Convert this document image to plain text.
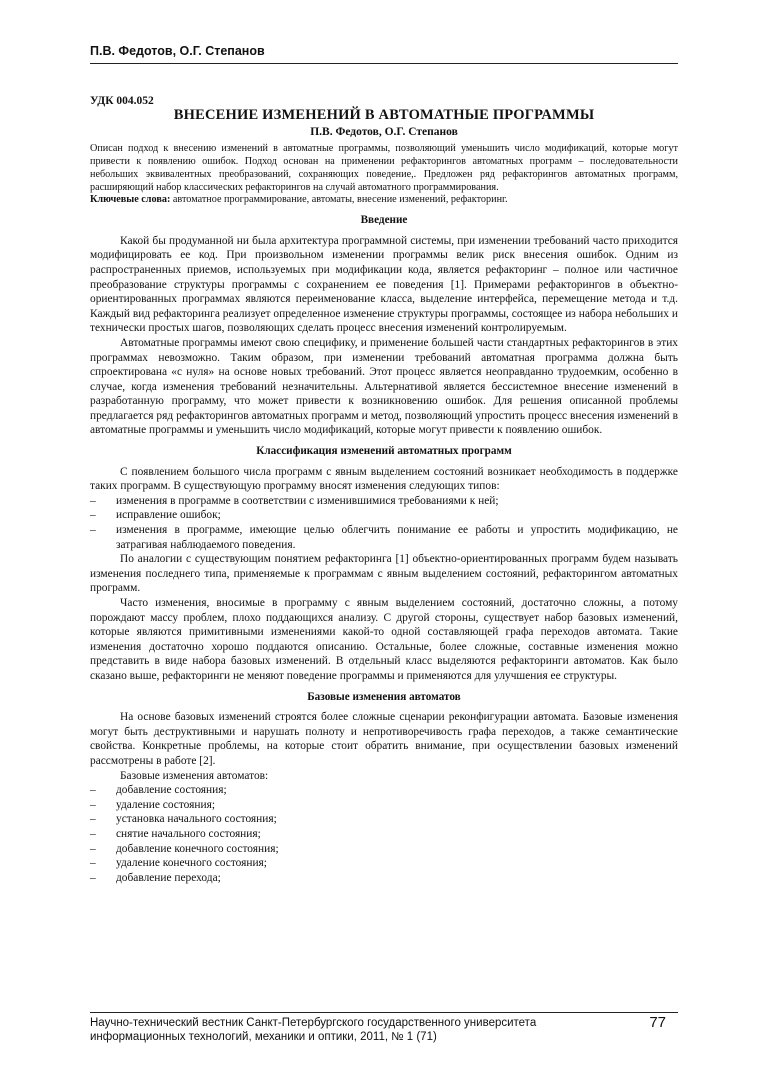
П.В. Федотов, О.Г. Степанов
УДК 004.052
ВНЕСЕНИЕ ИЗМЕНЕНИЙ В АВТОМАТНЫЕ ПРОГРАММЫ
П.В. Федотов, О.Г. Степанов
Описан подход к внесению изменений в автоматные программы, позволяющий уменьшить число модификаций, которые могут привести к появлению ошибок. Подход основан на применении рефакторингов автоматных программ – последовательности небольших эквивалентных преобразований, сохраняющих поведение,. Предложен ряд рефакторингов автоматных программ, расширяющий набор классических рефакторингов на случай автоматного программирования.
Ключевые слова: автоматное программирование, автоматы, внесение изменений, рефакторинг.
Введение

Какой бы продуманной ни была архитектура программной системы, при изменении требований часто приходится модифицировать ее код. При произвольном изменении программы велик риск внесения ошибок. Одним из распространенных приемов, используемых при модификации кода, является рефакторинг – полное или частичное преобразование структуры программы с сохранением ее поведения [1]. Примерами рефакторингов в объектно-ориентированных программах являются переименование класса, выделение интерфейса, перемещение метода и т.д. Каждый вид рефакторинга реализует определенное изменение структуры программы, состоящее из набора небольших и технически простых шагов, позволяющих сделать процесс внесения изменений контролируемым.

Автоматные программы имеют свою специфику, и применение большей части стандартных рефакторингов в этих программах невозможно. Таким образом, при изменении требований автоматная программа должна быть спроектирована «с нуля» на основе новых требований. Этот процесс является неоправданно трудоемким, особенно в случае, когда изменения требований незначительны. Альтернативой является бессистемное внесение изменений в разработанную программу, что может привести к возникновению ошибок. Для решения описанной проблемы предлагается ряд рефакторингов автоматных программ и метод, позволяющий упростить процесс внесения изменений в автоматные программы и уменьшить число модификаций, которые могут привести к появлению ошибок.

Классификация изменений автоматных программ

С появлением большого числа программ с явным выделением состояний возникает необходимость в поддержке таких программ. В существующую программу вносят изменения следующих типов:

– изменения в программе в соответствии с изменившимися требованиями к ней;
– исправление ошибок;
– изменения в программе, имеющие целью облегчить понимание ее работы и упростить модификацию, не затрагивая наблюдаемого поведения.

По аналогии с существующим понятием рефакторинга [1] объектно-ориентированных программ будем называть изменения последнего типа, применяемые к программам с явным выделением состояний, рефакторингом автоматных программ.

Часто изменения, вносимые в программу с явным выделением состояний, достаточно сложны, а потому порождают массу проблем, плохо поддающихся анализу. С другой стороны, существует набор базовых изменений, которые являются примитивными изменениями какой-то одной составляющей графа переходов автомата. Такие изменения достаточно хорошо поддаются описанию. Остальные, более сложные, составные изменения можно представить в виде набора базовых изменений. В отдельный класс выделяются рефакторинги автоматов. Как было сказано выше, рефакторинги не меняют поведение программы и применяются для улучшения ее структуры.

Базовые изменения автоматов

На основе базовых изменений строятся более сложные сценарии реконфигурации автомата. Базовые изменения могут быть деструктивными и нарушать полноту и непротиворечивость графа переходов, а также семантические свойства. Конкретные проблемы, на которые стоит обратить внимание, при осуществлении базовых изменений рассмотрены в работе [2].

Базовые изменения автоматов:

– добавление состояния;
– удаление состояния;
– установка начального состояния;
– снятие начального состояния;
– добавление конечного состояния;
– удаление конечного состояния;
– добавление перехода;
Научно-технический вестник Санкт-Петербургского государственного университета информационных технологий, механики и оптики, 2011, № 1 (71)
77
